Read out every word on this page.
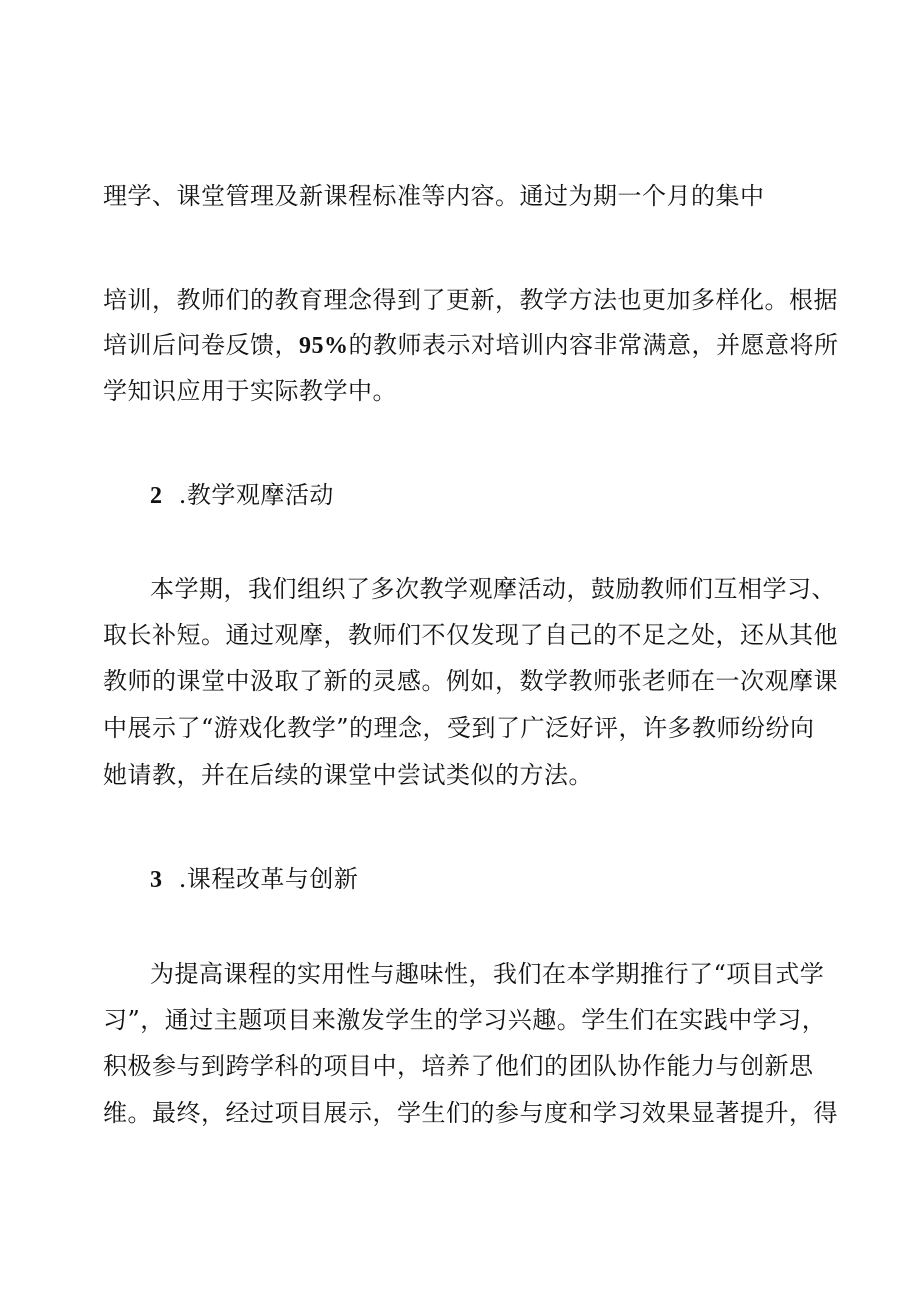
理学、课堂管理及新课程标准等内容。通过为期一个月的集中
培训，教师们的教育理念得到了更新，教学方法也更加多样化。根据
培训后问卷反馈，95%的教师表示对培训内容非常满意，并愿意将所
学知识应用于实际教学中。
2 .教学观摩活动
本学期，我们组织了多次教学观摩活动，鼓励教师们互相学习、
取长补短。通过观摩，教师们不仅发现了自己的不足之处，还从其他
教师的课堂中汲取了新的灵感。例如，数学教师张老师在一次观摩课
中展示了“游戏化教学”的理念，受到了广泛好评，许多教师纷纷向
她请教，并在后续的课堂中尝试类似的方法。
3 .课程改革与创新
为提高课程的实用性与趣味性，我们在本学期推行了“项目式学
习”，通过主题项目来激发学生的学习兴趣。学生们在实践中学习，
积极参与到跨学科的项目中，培养了他们的团队协作能力与创新思
维。最终，经过项目展示，学生们的参与度和学习效果显著提升，得
